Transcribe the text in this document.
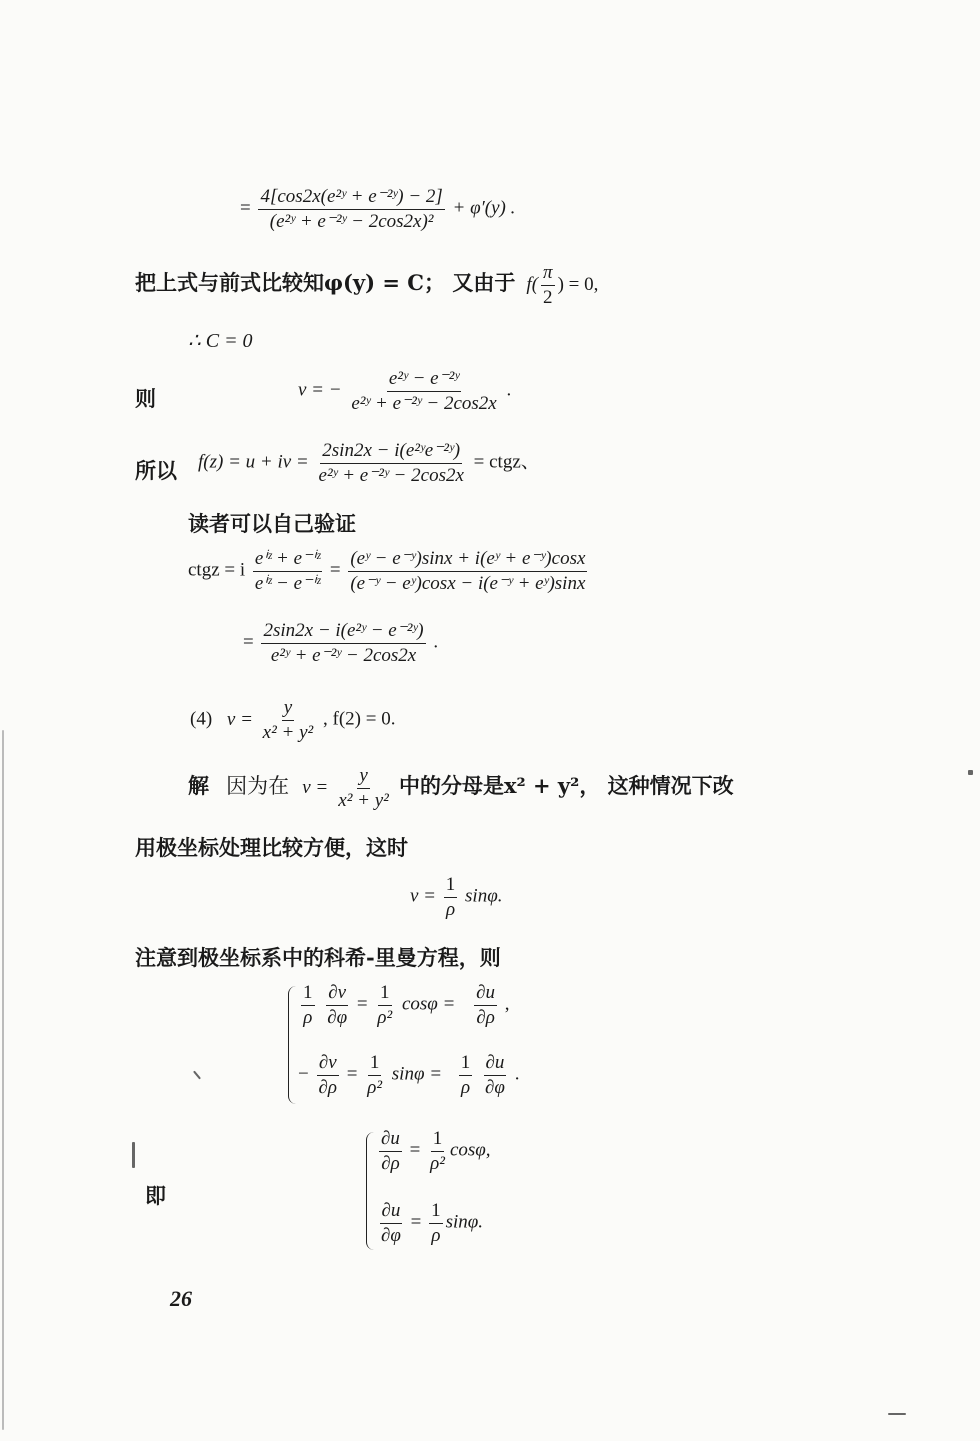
= $\frac{\text{4[cos2x(e²ʸ + e⁻²ʸ) − 2]}}{\text{(e²ʸ + e⁻²ʸ − 2cos2x)²}} + \varphi'(y)$ .
把上式与前式比较知φ(y) = C； 又由于 $f( \frac{\pi}{2}$ ) = 0,
∴ C = 0
则	v = − $\frac{\text{e²ʸ − e⁻²ʸ}}{\text{e²ʸ + e⁻²ʸ − 2cos2x}}$ .
所以 f(z) = u + iv = $\frac{\text{2sin2x − i(e²ʸe⁻²ʸ)}}{\text{e²ʸ + e⁻²ʸ − 2cos2x}}$ = ctgz、
读者可以自己验证
ctgz = i $\frac{\text{eⁱᶻ + e⁻ⁱᶻ}}{\text{eⁱᶻ − e⁻ⁱᶻ}} = \frac{\text{(eʸ − e⁻ʸ)sinx + i(eʸ + e⁻ʸ)cosx}}{\text{(e⁻ʸ − eʸ)cosx − i(e⁻ʸ + eʸ)sinx}}$
= $\frac{\text{2sin2x − i(e²ʸ − e⁻²ʸ)}}{\text{e²ʸ + e⁻²ʸ − 2cos2x}}$ .
(4) $v = \frac{y}{\text{x² + y²}}$ , f(2) = 0.
解 因为在 $v = \frac{y}{\text{x² + y²}}$ 中的分母是x² + y²， 这种情况下改
用极坐标处理比较方便，这时
$v = \frac{1}{\rho} \sin\varphi$.
注意到极坐标系中的科希-里曼方程，则
$\frac{1}{\rho}$
$\frac{\partial v}{\partial\varphi} = \frac{1}{\text{ρ²}}$ $\cos\varphi = \frac{\partial u}{\partial\rho}$ ,
− $\frac{\partial v}{\partial\rho} = \frac{1}{\text{ρ²}}$ $\sin\varphi = \frac{1}{\rho}$
$\frac{\partial u}{\partial\varphi}$ .
即
$\frac{\partial u}{\partial\rho} = \frac{1}{\text{ρ²}} \cos\varphi$,
$\frac{\partial u}{\partial\varphi} = \frac{1}{\rho} \sin\varphi$.
26
